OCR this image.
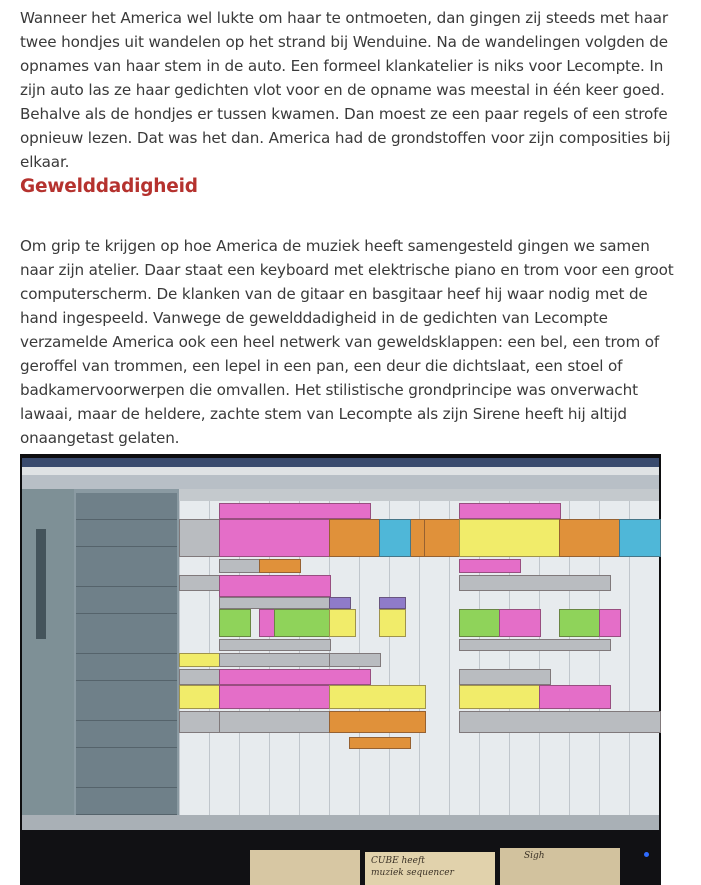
Wanneer het America wel lukte om haar te ontmoeten, dan gingen zij steeds met haar twee hondjes uit wandelen op het strand bij Wenduine. Na de wandelingen volgden de opnames van haar stem in de auto. Een formeel klankatelier is niks voor Lecompte. In zijn auto las ze haar gedichten vlot voor en de opname was meestal in één keer goed. Behalve als de hondjes er tussen kwamen. Dan moest ze een paar regels of een strofe opnieuw lezen. Dat was het dan. America had de grondstoffen voor zijn composities bij elkaar.

Gewelddadigheid

Om grip te krijgen op hoe America de muziek heeft samengesteld gingen we samen naar zijn atelier. Daar staat een keyboard met elektrische piano en trom voor een groot computerscherm. De klanken van de gitaar en basgitaar heef hij waar nodig met de hand ingespeeld. Vanwege de gewelddadigheid in de gedichten van Lecompte verzamelde America ook een heel netwerk van geweldsklappen: een bel, een trom of geroffel van trommen, een lepel in een pan, een deur die dichtslaat, een stoel of badkamervoorwerpen die omvallen. Het stilistische grondprincipe was onverwacht lawaai, maar de heldere, zachte stem van Lecompte als zijn Sirene heeft hij altijd onaangetast gelaten.

CUBE heeft
muziek sequencer
Sigh
